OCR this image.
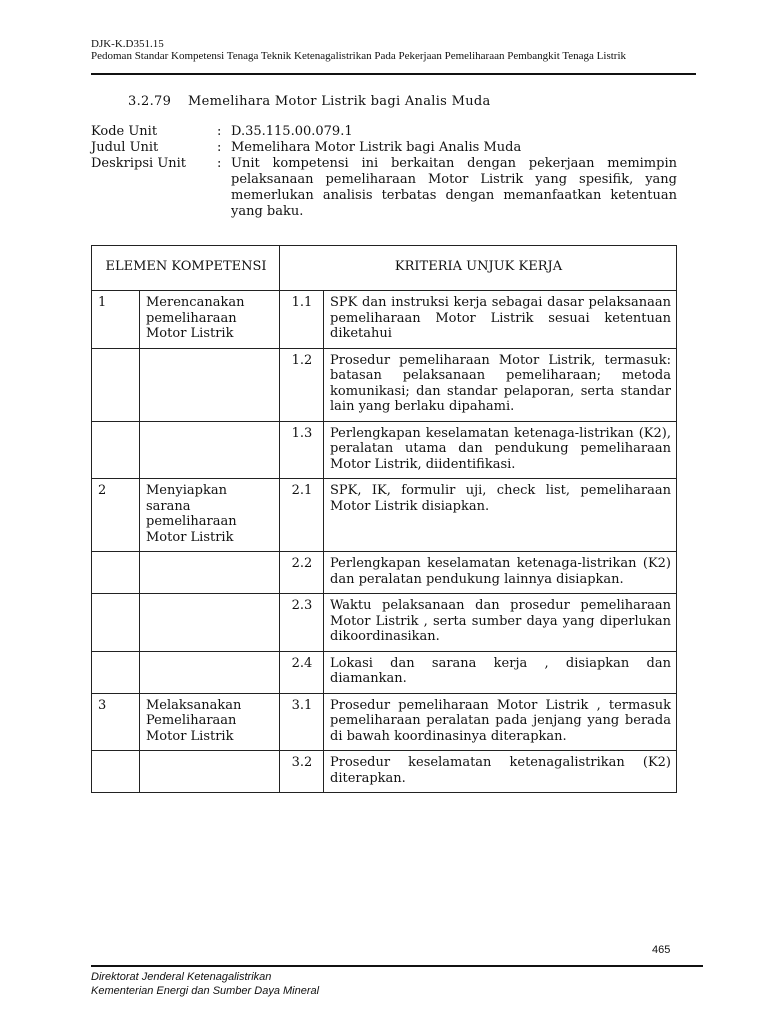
DJK-K.D351.15
Pedoman Standar Kompetensi Tenaga Teknik Ketenagalistrikan Pada Pekerjaan Pemeliharaan Pembangkit Tenaga Listrik
3.2.79 Memelihara Motor Listrik bagi Analis Muda
Kode Unit	: D.35.115.00.079.1
Judul Unit	: Memelihara Motor Listrik bagi Analis Muda
Deskripsi Unit	: Unit kompetensi ini berkaitan dengan pekerjaan memimpin pelaksanaan pemeliharaan Motor Listrik yang spesifik, yang memerlukan analisis terbatas dengan memanfaatkan ketentuan yang baku.
ELEMEN KOMPETENSI		KRITERIA UNJUK KERJA	
1	Merencanakan pemeliharaan Motor Listrik	1.1	SPK dan instruksi kerja sebagai dasar pelaksanaan pemeliharaan Motor Listrik sesuai ketentuan diketahui
		1.2	Prosedur pemeliharaan Motor Listrik, termasuk: batasan pelaksanaan pemeliharaan; metoda komunikasi; dan standar pelaporan, serta standar lain yang berlaku dipahami.
		1.3	Perlengkapan keselamatan ketenaga-listrikan (K2), peralatan utama dan pendukung pemeliharaan Motor Listrik, diidentifikasi.
2	Menyiapkan sarana pemeliharaan Motor Listrik	2.1	SPK, IK, formulir uji, check list, pemeliharaan Motor Listrik disiapkan.
		2.2	Perlengkapan keselamatan ketenaga-listrikan (K2) dan peralatan pendukung lainnya disiapkan.
		2.3	Waktu pelaksanaan dan prosedur pemeliharaan Motor Listrik , serta sumber daya yang diperlukan dikoordinasikan.
		2.4	Lokasi dan sarana kerja , disiapkan dan diamankan.
3	Melaksanakan Pemeliharaan Motor Listrik	3.1	Prosedur pemeliharaan Motor Listrik , termasuk pemeliharaan peralatan pada jenjang yang berada di bawah koordinasinya diterapkan.
		3.2	Prosedur keselamatan ketenagalistrikan (K2) diterapkan.
465
Direktorat Jenderal Ketenagalistrikan
Kementerian Energi dan Sumber Daya Mineral
